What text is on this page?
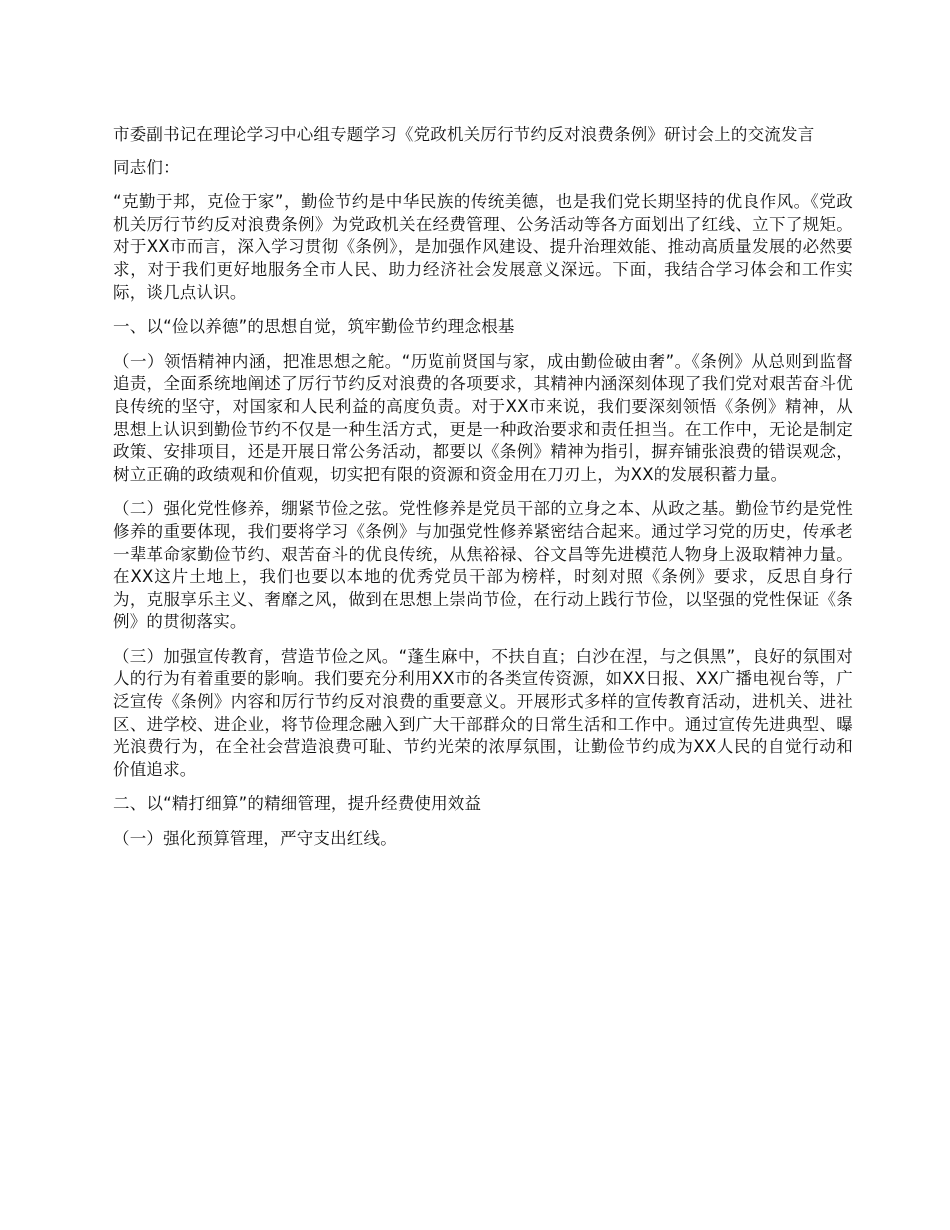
市委副书记在理论学习中心组专题学习《党政机关厉行节约反对浪费条例》研讨会上的交流发言

同志们：

“克勤于邦，克俭于家”，勤俭节约是中华民族的传统美德，也是我们党长期坚持的优良作风。《党政机关厉行节约反对浪费条例》为党政机关在经费管理、公务活动等各方面划出了红线、立下了规矩。对于XX市而言，深入学习贯彻《条例》，是加强作风建设、提升治理效能、推动高质量发展的必然要求，对于我们更好地服务全市人民、助力经济社会发展意义深远。下面，我结合学习体会和工作实际，谈几点认识。

一、以“俭以养德”的思想自觉，筑牢勤俭节约理念根基

（一）领悟精神内涵，把准思想之舵。“历览前贤国与家，成由勤俭破由奢”。《条例》从总则到监督追责，全面系统地阐述了厉行节约反对浪费的各项要求，其精神内涵深刻体现了我们党对艰苦奋斗优良传统的坚守，对国家和人民利益的高度负责。对于XX市来说，我们要深刻领悟《条例》精神，从思想上认识到勤俭节约不仅是一种生活方式，更是一种政治要求和责任担当。在工作中，无论是制定政策、安排项目，还是开展日常公务活动，都要以《条例》精神为指引，摒弃铺张浪费的错误观念，树立正确的政绩观和价值观，切实把有限的资源和资金用在刀刃上，为XX的发展积蓄力量。

（二）强化党性修养，绷紧节俭之弦。党性修养是党员干部的立身之本、从政之基。勤俭节约是党性修养的重要体现，我们要将学习《条例》与加强党性修养紧密结合起来。通过学习党的历史，传承老一辈革命家勤俭节约、艰苦奋斗的优良传统，从焦裕禄、谷文昌等先进模范人物身上汲取精神力量。在XX这片土地上，我们也要以本地的优秀党员干部为榜样，时刻对照《条例》要求，反思自身行为，克服享乐主义、奢靡之风，做到在思想上崇尚节俭，在行动上践行节俭，以坚强的党性保证《条例》的贯彻落实。

（三）加强宣传教育，营造节俭之风。“蓬生麻中，不扶自直；白沙在涅，与之俱黑”，良好的氛围对人的行为有着重要的影响。我们要充分利用XX市的各类宣传资源，如XX日报、XX广播电视台等，广泛宣传《条例》内容和厉行节约反对浪费的重要意义。开展形式多样的宣传教育活动，进机关、进社区、进学校、进企业，将节俭理念融入到广大干部群众的日常生活和工作中。通过宣传先进典型、曝光浪费行为，在全社会营造浪费可耻、节约光荣的浓厚氛围，让勤俭节约成为XX人民的自觉行动和价值追求。

二、以“精打细算”的精细管理，提升经费使用效益

（一）强化预算管理，严守支出红线。
